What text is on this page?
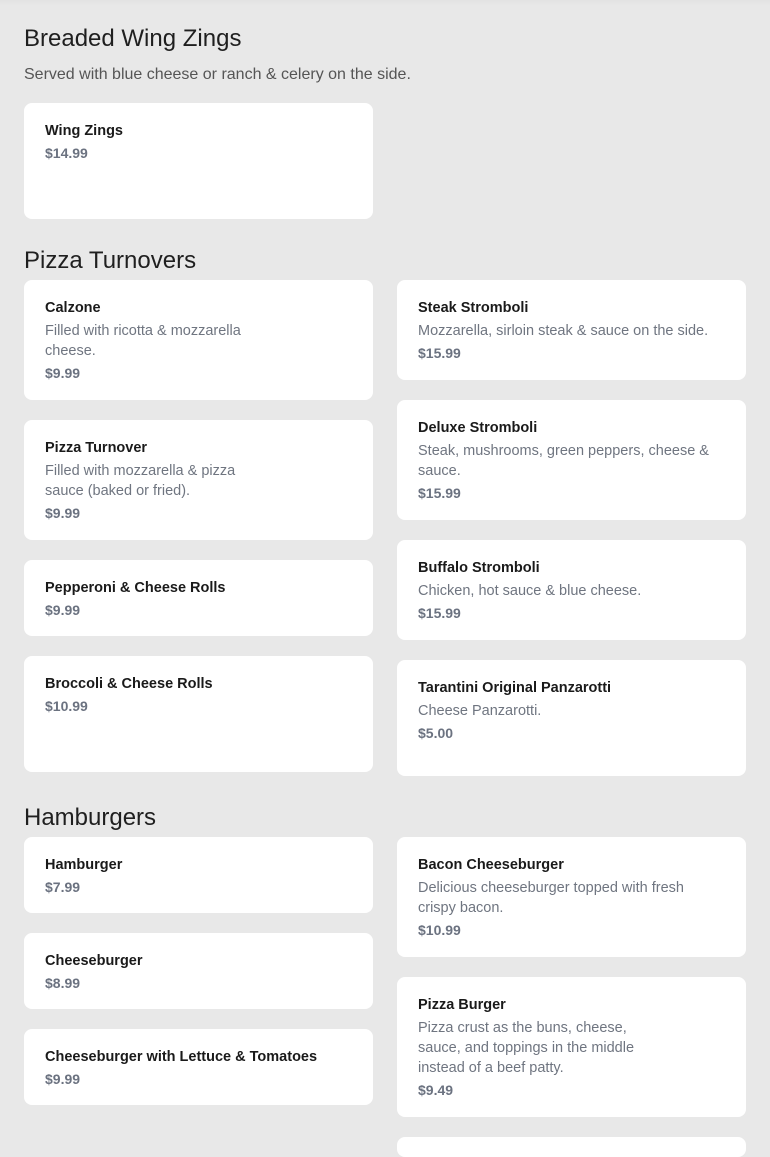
Breaded Wing Zings

Served with blue cheese or ranch & celery on the side.

Wing Zings

$14.99

Pizza Turnovers

Calzone

Filled with ricotta & mozzarella cheese.

$9.99

Steak Stromboli

Mozzarella, sirloin steak & sauce on the side.

$15.99

Pizza Turnover

Filled with mozzarella & pizza sauce (baked or fried).

$9.99

Deluxe Stromboli

Steak, mushrooms, green peppers, cheese & sauce.

$15.99

Pepperoni & Cheese Rolls

$9.99

Buffalo Stromboli

Chicken, hot sauce & blue cheese.

$15.99

Broccoli & Cheese Rolls

$10.99

Tarantini Original Panzarotti

Cheese Panzarotti.

$5.00

Hamburgers

Hamburger

$7.99

Bacon Cheeseburger

Delicious cheeseburger topped with fresh crispy bacon.

$10.99

Cheeseburger

$8.99

Pizza Burger

Pizza crust as the buns, cheese, sauce, and toppings in the middle instead of a beef patty.

$9.49

Cheeseburger with Lettuce & Tomatoes

$9.99
